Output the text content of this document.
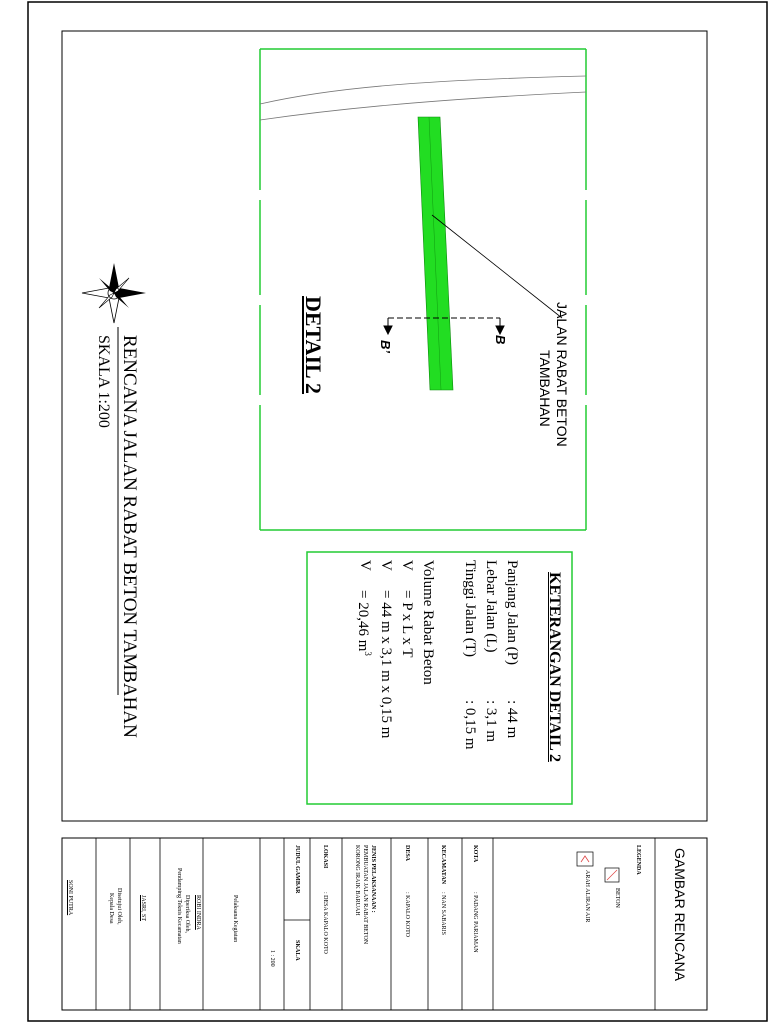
JALAN RABAT BETON
TAMBAHAN
B
B’
DETAIL 2
RENCANA JALAN RABAT BETON TAMBAHAN
SKALA 1:200
KETERANGAN DETAIL 2
Panjang Jalan (P)
: 44 m
Lebar Jalan (L)
: 3,1 m
Tinggi Jalan (T)
: 0,15 m
Volume Rabat Beton
V
= P x L x T
V
= 44 m x 3,1 m x 0,15 m
V
= 20,46 $m^3$
GAMBAR RENCANA
LEGENDA
BETON
ARAH ALIRAN AIR
KOTA
: PADANG PARIAMAN
KECAMATAN
: NAN SABARIS
DESA
: KAPALO KOTO
JENIS PELAKSANAAN :
PEMBUATAN JALAN RABAT BETON
KORONG IRAIK BARUAH
LOKASI
: DESA KAPALO KOTO
JUDUL GAMBAR
SKALA
1 : 200
Pelaksana Kegiatan
ROBI INDRA
Diperiksa Oleh,
Pendamping Teknis Kecamatan
JASRI, ST
Disetujui Oleh,
Kepala Desa
SONI PUTRA
